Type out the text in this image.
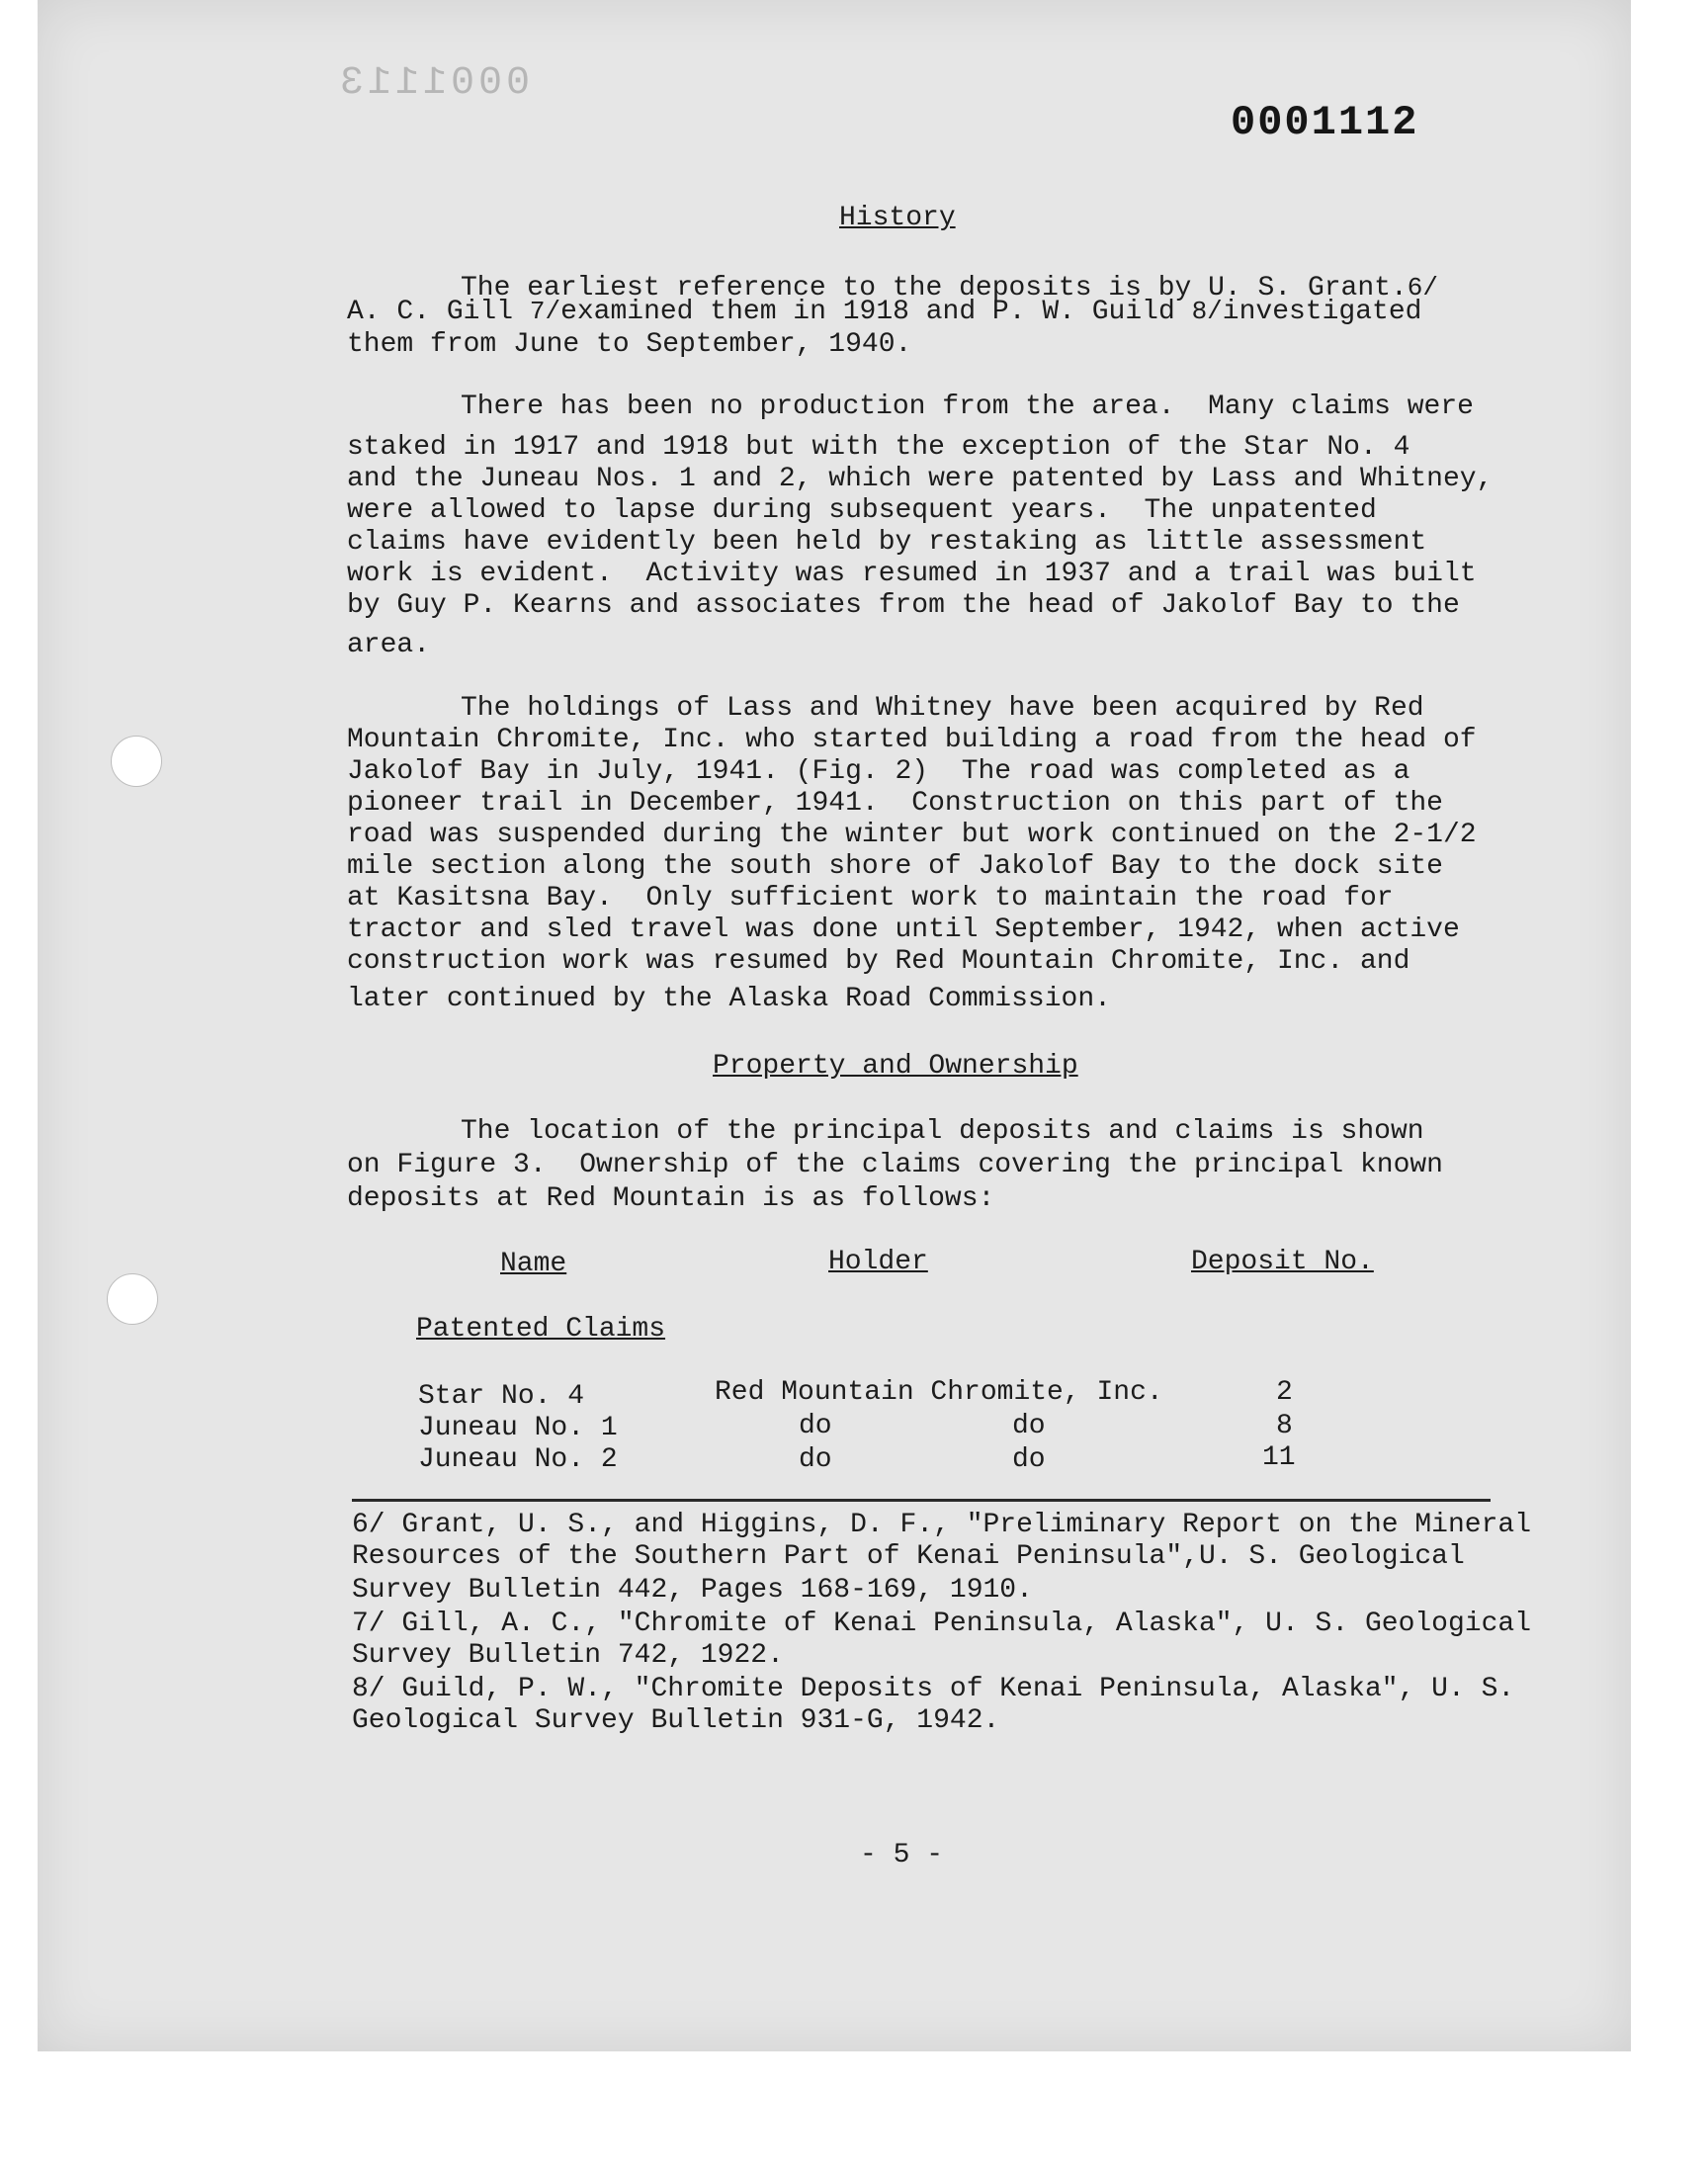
0001113
0001112
History
The earliest reference to the deposits is by U. S. Grant.6/
A. C. Gill 7/examined them in 1918 and P. W. Guild 8/investigated
them from June to September, 1940.
There has been no production from the area.  Many claims were
staked in 1917 and 1918 but with the exception of the Star No. 4
and the Juneau Nos. 1 and 2, which were patented by Lass and Whitney,
were allowed to lapse during subsequent years.  The unpatented
claims have evidently been held by restaking as little assessment
work is evident.  Activity was resumed in 1937 and a trail was built
by Guy P. Kearns and associates from the head of Jakolof Bay to the
area.
The holdings of Lass and Whitney have been acquired by Red
Mountain Chromite, Inc. who started building a road from the head of
Jakolof Bay in July, 1941. (Fig. 2)  The road was completed as a
pioneer trail in December, 1941.  Construction on this part of the
road was suspended during the winter but work continued on the 2-1/2
mile section along the south shore of Jakolof Bay to the dock site
at Kasitsna Bay.  Only sufficient work to maintain the road for
tractor and sled travel was done until September, 1942, when active
construction work was resumed by Red Mountain Chromite, Inc. and
later continued by the Alaska Road Commission.
Property and Ownership
The location of the principal deposits and claims is shown
on Figure 3.  Ownership of the claims covering the principal known
deposits at Red Mountain is as follows:
Name	Holder	Deposit No.
Patented Claims
Star No. 4	Red Mountain Chromite, Inc.	2
Juneau No. 1	do	do	8
Juneau No. 2	do	do	11
6/ Grant, U. S., and Higgins, D. F., "Preliminary Report on the Mineral
Resources of the Southern Part of Kenai Peninsula",U. S. Geological
Survey Bulletin 442, Pages 168-169, 1910.
7/ Gill, A. C., "Chromite of Kenai Peninsula, Alaska", U. S. Geological
Survey Bulletin 742, 1922.
8/ Guild, P. W., "Chromite Deposits of Kenai Peninsula, Alaska", U. S.
Geological Survey Bulletin 931-G, 1942.
- 5 -
